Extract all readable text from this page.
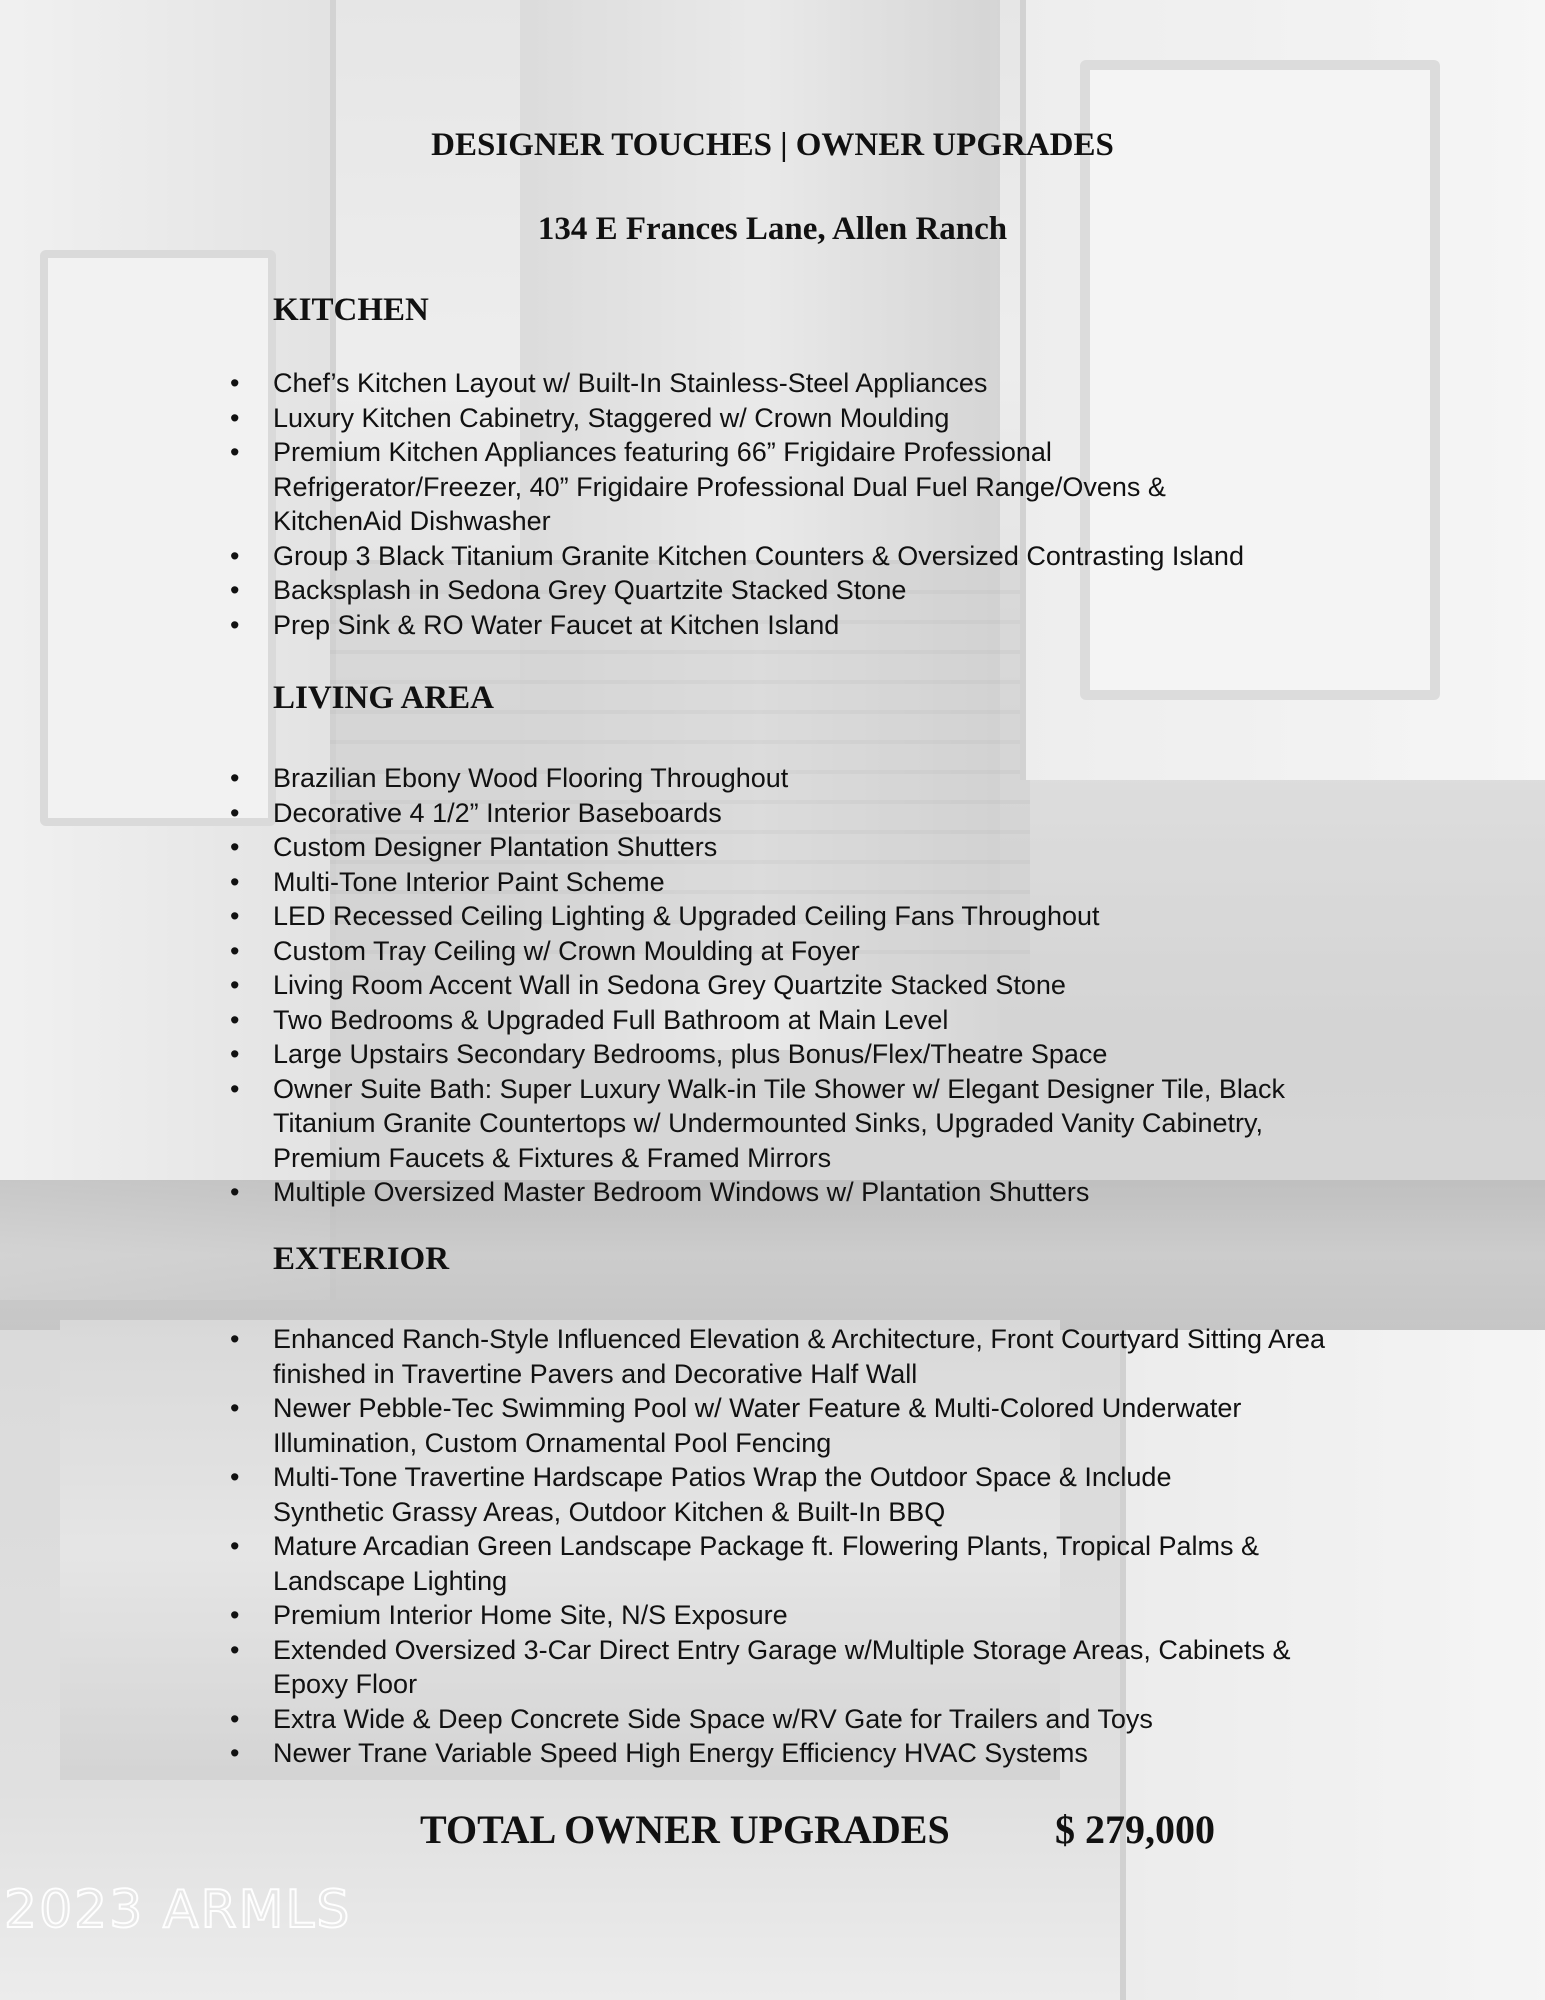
DESIGNER TOUCHES | OWNER UPGRADES
134 E Frances Lane, Allen Ranch
KITCHEN
• Chef’s Kitchen Layout w/ Built-In Stainless-Steel Appliances
• Luxury Kitchen Cabinetry, Staggered w/ Crown Moulding
• Premium Kitchen Appliances featuring 66” Frigidaire Professional Refrigerator/Freezer, 40” Frigidaire Professional Dual Fuel Range/Ovens & KitchenAid Dishwasher
• Group 3 Black Titanium Granite Kitchen Counters & Oversized Contrasting Island
• Backsplash in Sedona Grey Quartzite Stacked Stone
• Prep Sink & RO Water Faucet at Kitchen Island
LIVING AREA
• Brazilian Ebony Wood Flooring Throughout
• Decorative 4 1/2” Interior Baseboards
• Custom Designer Plantation Shutters
• Multi-Tone Interior Paint Scheme
• LED Recessed Ceiling Lighting & Upgraded Ceiling Fans Throughout
• Custom Tray Ceiling w/ Crown Moulding at Foyer
• Living Room Accent Wall in Sedona Grey Quartzite Stacked Stone
• Two Bedrooms & Upgraded Full Bathroom at Main Level
• Large Upstairs Secondary Bedrooms, plus Bonus/Flex/Theatre Space
• Owner Suite Bath: Super Luxury Walk-in Tile Shower w/ Elegant Designer Tile, Black Titanium Granite Countertops w/ Undermounted Sinks, Upgraded Vanity Cabinetry, Premium Faucets & Fixtures & Framed Mirrors
• Multiple Oversized Master Bedroom Windows w/ Plantation Shutters
EXTERIOR
• Enhanced Ranch-Style Influenced Elevation & Architecture, Front Courtyard Sitting Area finished in Travertine Pavers and Decorative Half Wall
• Newer Pebble-Tec Swimming Pool w/ Water Feature & Multi-Colored Underwater Illumination, Custom Ornamental Pool Fencing
• Multi-Tone Travertine Hardscape Patios Wrap the Outdoor Space & Include Synthetic Grassy Areas, Outdoor Kitchen & Built-In BBQ
• Mature Arcadian Green Landscape Package ft. Flowering Plants, Tropical Palms & Landscape Lighting
• Premium Interior Home Site, N/S Exposure
• Extended Oversized 3-Car Direct Entry Garage w/Multiple Storage Areas, Cabinets & Epoxy Floor
• Extra Wide & Deep Concrete Side Space w/RV Gate for Trailers and Toys
• Newer Trane Variable Speed High Energy Efficiency HVAC Systems
TOTAL OWNER UPGRADES	$ 279,000
2023 ARMLS
